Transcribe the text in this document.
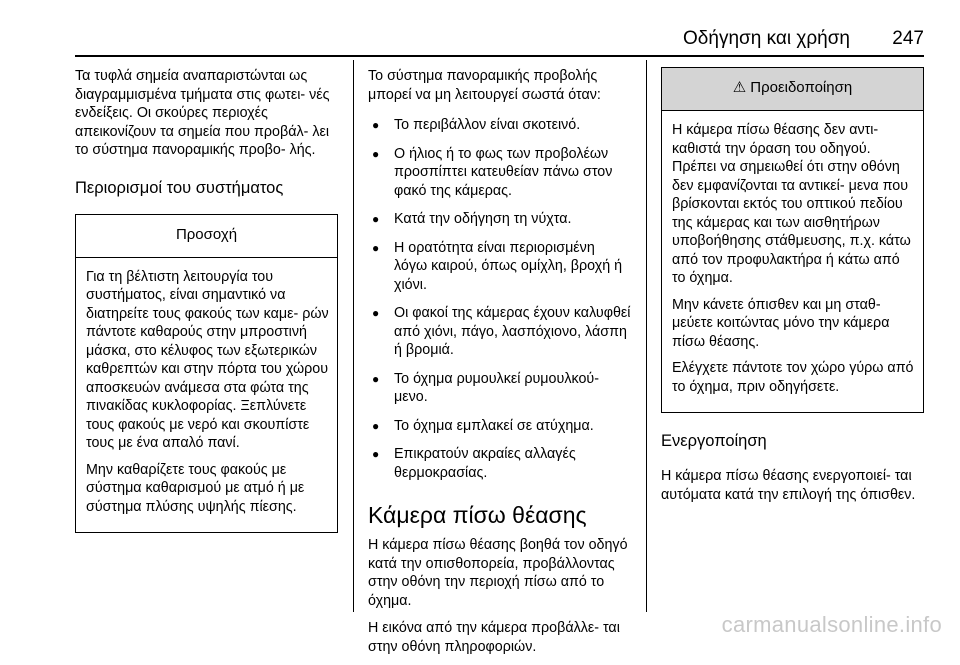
Οδήγηση και χρήση 247

Τα τυφλά σημεία αναπαριστώνται ως διαγραμμισμένα τμήματα στις φωτει- νές ενδείξεις. Οι σκούρες περιοχές απεικονίζουν τα σημεία που προβάλ- λει το σύστημα πανοραμικής προβο- λής.

Περιορισμοί του συστήματος
Προσοχή

Για τη βέλτιστη λειτουργία του συστήματος, είναι σημαντικό να διατηρείτε τους φακούς των καμε- ρών πάντοτε καθαρούς στην μπροστινή μάσκα, στο κέλυφος των εξωτερικών καθρεπτών και στην πόρτα του χώρου αποσκευών ανάμεσα στα φώτα της πινακίδας κυκλοφορίας. Ξεπλύνετε τους φακούς με νερό και σκουπίστε τους με ένα απαλό πανί.

Μην καθαρίζετε τους φακούς με σύστημα καθαρισμού με ατμό ή με σύστημα πλύσης υψηλής πίεσης.

Το σύστημα πανοραμικής προβολής μπορεί να μη λειτουργεί σωστά όταν:

● Το περιβάλλον είναι σκοτεινό.
● Ο ήλιος ή το φως των προβολέων προσπίπτει κατευθείαν πάνω στον φακό της κάμερας.
● Κατά την οδήγηση τη νύχτα.
● Η ορατότητα είναι περιορισμένη λόγω καιρού, όπως ομίχλη, βροχή ή χιόνι.
● Οι φακοί της κάμερας έχουν καλυφθεί από χιόνι, πάγο, λασπόχιονο, λάσπη ή βρομιά.
● Το όχημα ρυμουλκεί ρυμουλκού- μενο.
● Το όχημα εμπλακεί σε ατύχημα.
● Επικρατούν ακραίες αλλαγές θερμοκρασίας.
Κάμερα πίσω θέασης

Η κάμερα πίσω θέασης βοηθά τον οδηγό κατά την οπισθοπορεία, προβάλλοντας στην οθόνη την περιοχή πίσω από το όχημα.

Η εικόνα από την κάμερα προβάλλε- ται στην οθόνη πληροφοριών.

⚠ Προειδοποίηση

Η κάμερα πίσω θέασης δεν αντι- καθιστά την όραση του οδηγού. Πρέπει να σημειωθεί ότι στην οθόνη δεν εμφανίζονται τα αντικεί- μενα που βρίσκονται εκτός του οπτικού πεδίου της κάμερας και των αισθητήρων υποβοήθησης στάθμευσης, π.χ. κάτω από τον προφυλακτήρα ή κάτω από το όχημα.

Μην κάνετε όπισθεν και μη σταθ- μεύετε κοιτώντας μόνο την κάμερα πίσω θέασης.

Ελέγχετε πάντοτε τον χώρο γύρω από το όχημα, πριν οδηγήσετε.

Ενεργοποίηση

Η κάμερα πίσω θέασης ενεργοποιεί- ται αυτόματα κατά την επιλογή της όπισθεν.

carmanualsonline.info
